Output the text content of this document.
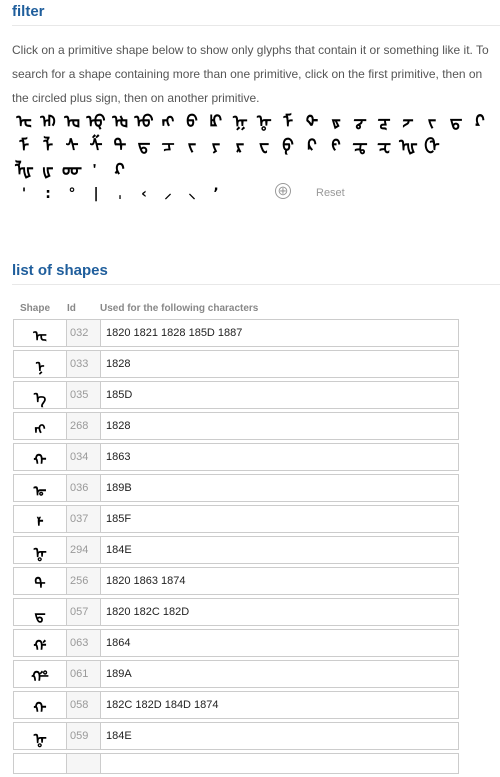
filter

Click on a primitive shape below to show only glyphs that contain it or something like it. To search for a shape containing more than one primitive, click on the first primitive, then on the circled plus sign, then on another primitive.

ᡄ ᡅ ᡆ ᡇ ᡈ ᡉ ᡊ ᡋ ᡌ ᡍ ᡎ ᡏ ᡐ ᡑ ᡒ ᡓ ᡔ ᡕ ᡖ ᡗ
ᠮ ᠯ ᠰ ᠱ ᠲ ᠳ ᠴ ᠵ ᠶ ᠷ ᠸ ᠹ ᠺ ᠻ ᠼ ᠽ ᠾ ᠿ
ᡀ ᡁ ᡂ	ᡘ
'	:	°	|	ˌ	‹	⸝	⸜	’	⊕	Reset
list of shapes
Shape	Id	Used for the following characters
ᡄ	032	1820 1821 1828 185D 1887
ᠨ	033	1828
ᡝ	035	185D
ᠩ	268	1828
ᡣ	034	1863
ᢛ	036	189B
ᡟ	037	185F
ᡎ	294	184E
ᠲ	256	1820 1863 1874
ᠳ	057	1820 182C 182D
ᡤ	063	1864
ᢚ	061	189A
ᠬ	058	182C 182D 184D 1874
ᡎ	059	184E
